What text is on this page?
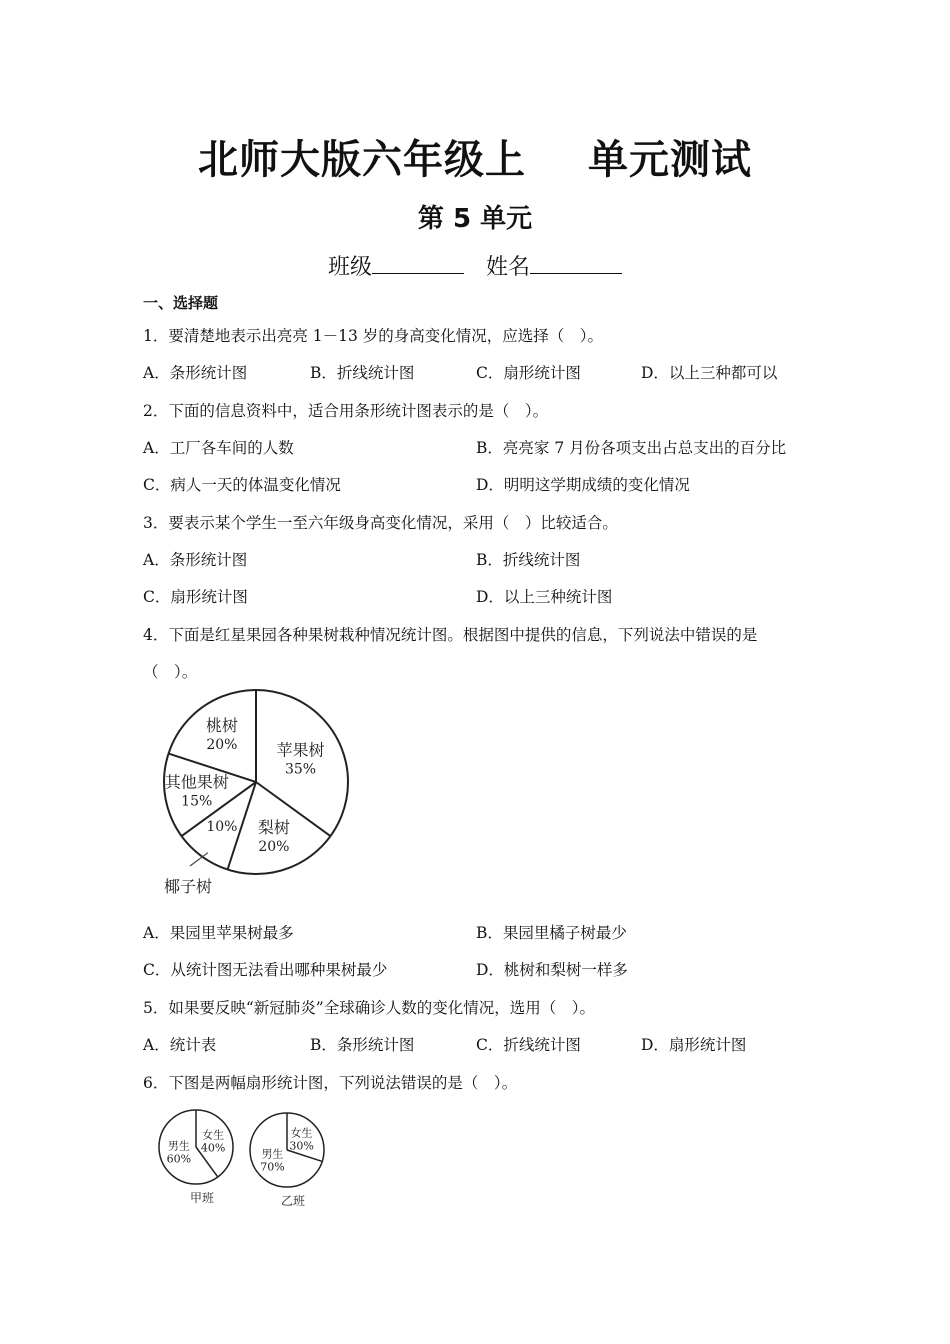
北师大版六年级上 单元测试
第 5 单元
班级	姓名
一、选择题
1．要清楚地表示出亮亮 1－13 岁的身高变化情况，应选择（　）。
A．条形统计图	B．折线统计图	C．扇形统计图	D．以上三种都可以
2．下面的信息资料中，适合用条形统计图表示的是（　）。
A．工厂各车间的人数	B．亮亮家 7 月份各项支出占总支出的百分比
C．病人一天的体温变化情况	D．明明这学期成绩的变化情况
3．要表示某个学生一至六年级身高变化情况，采用（　）比较适合。
A．条形统计图	B．折线统计图
C．扇形统计图	D．以上三种统计图
4．下面是红星果园各种果树栽种情况统计图。根据图中提供的信息，下列说法中错误的是
（　）。
苹果树
35%
梨树
20%
10%
其他果树
15%
桃树
20%
椰子树
A．果园里苹果树最多	B．果园里橘子树最少
C．从统计图无法看出哪种果树最少	D．桃树和梨树一样多
5．如果要反映“新冠肺炎”全球确诊人数的变化情况，选用（　）。
A．统计表	B．条形统计图	C．折线统计图	D．扇形统计图
6．下图是两幅扇形统计图，下列说法错误的是（　）。
女生
40%
男生
60%
甲班
女生
30%
男生
70%
乙班
